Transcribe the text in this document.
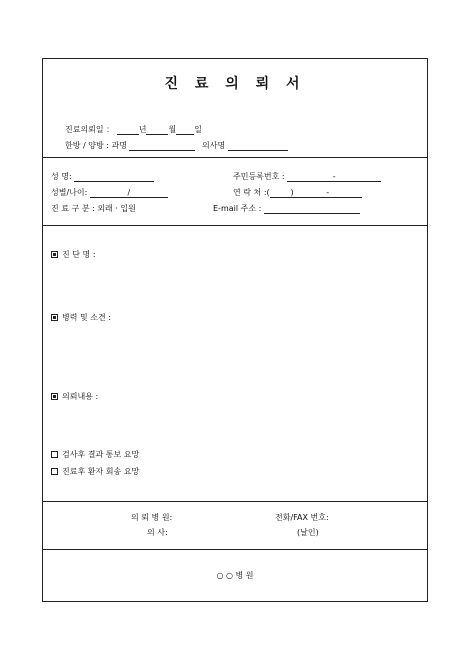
진 료 의 뢰 서
진료의뢰일 ：	년	월 일
한방 / 양방 : 과명	의사명
성 명:	주민등록번호 :	-
성별/나이:	/	연 락 처 :(	)	-
진 료 구 분 : 외래 · 입원	E-mail 주소 :
진 단 명 :
병력 및 소견 :
의뢰내용 :
검사후 결과 통보 요망
진료후 환자 회송 요망
의 뢰 병 원:	전화/FAX 번호:
의 사:	(날인)
○ ○ 병 원
